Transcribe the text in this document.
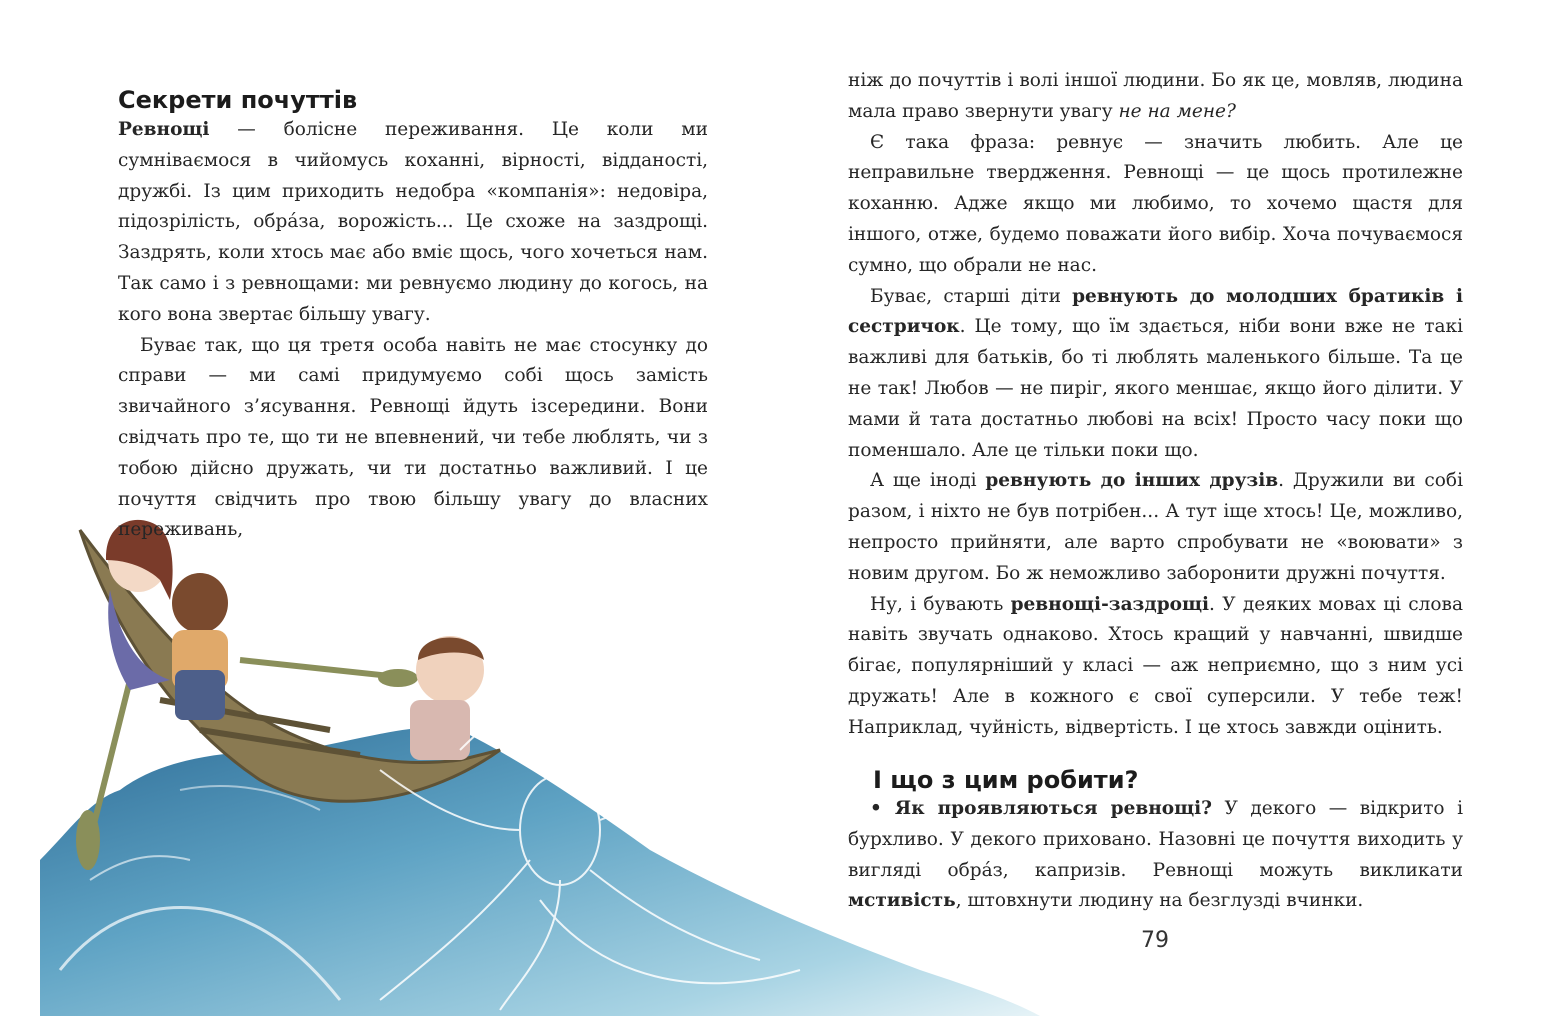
Секрети почуттів

Ревнощі — болісне переживання. Це коли ми сумніваємося в чийомусь коханні, вірності, відданості, дружбі. Із цим приходить недобра «компанія»: недовіра, підозрілість, обрáза, ворожість... Це схоже на заздрощі. Заздрять, коли хтось має або вміє щось, чого хочеться нам. Так само і з ревнощами: ми ревнуємо людину до когось, на кого вона звертає більшу увагу.

Буває так, що ця третя особа навіть не має стосунку до справи — ми самі придумуємо собі щось замість звичайного з’ясування. Ревнощі йдуть ізсередини. Вони свідчать про те, що ти не впевнений, чи тебе люблять, чи з тобою дійсно дружать, чи ти достатньо важливий. І це почуття свідчить про твою більшу увагу до власних переживань,

ніж до почуттів і волі іншої людини. Бо як це, мовляв, людина мала право звернути увагу не на мене?

Є така фраза: ревнує — значить любить. Але це неправильне твердження. Ревнощі — це щось протилежне коханню. Адже якщо ми любимо, то хочемо щастя для іншого, отже, будемо поважати його вибір. Хоча почуваємося сумно, що обрали не нас.

Буває, старші діти ревнують до молодших братиків і сестричок. Це тому, що їм здається, ніби вони вже не такі важливі для батьків, бо ті люблять маленького більше. Та це не так! Любов — не пиріг, якого меншає, якщо його ділити. У мами й тата достатньо любові на всіх! Просто часу поки що поменшало. Але це тільки поки що.

А ще іноді ревнують до інших друзів. Дружили ви собі разом, і ніхто не був потрібен... А тут іще хтось! Це, можливо, непросто прийняти, але варто спробувати не «воювати» з новим другом. Бо ж неможливо заборонити дружні почуття.

Ну, і бувають ревнощі-заздрощі. У деяких мовах ці слова навіть звучать однаково. Хтось кращий у навчанні, швидше бігає, популярніший у класі — аж неприємно, що з ним усі дружать! Але в кожного є свої суперсили. У тебе теж! Наприклад, чуйність, відвертість. І це хтось завжди оцінить.

І що з цим робити?

• Як проявляються ревнощі? У декого — відкрито і бурхливо. У декого приховано. Назовні це почуття виходить у вигляді обрáз, капризів. Ревнощі можуть викликати мстивість, штовхнути людину на безглузді вчинки.

79
